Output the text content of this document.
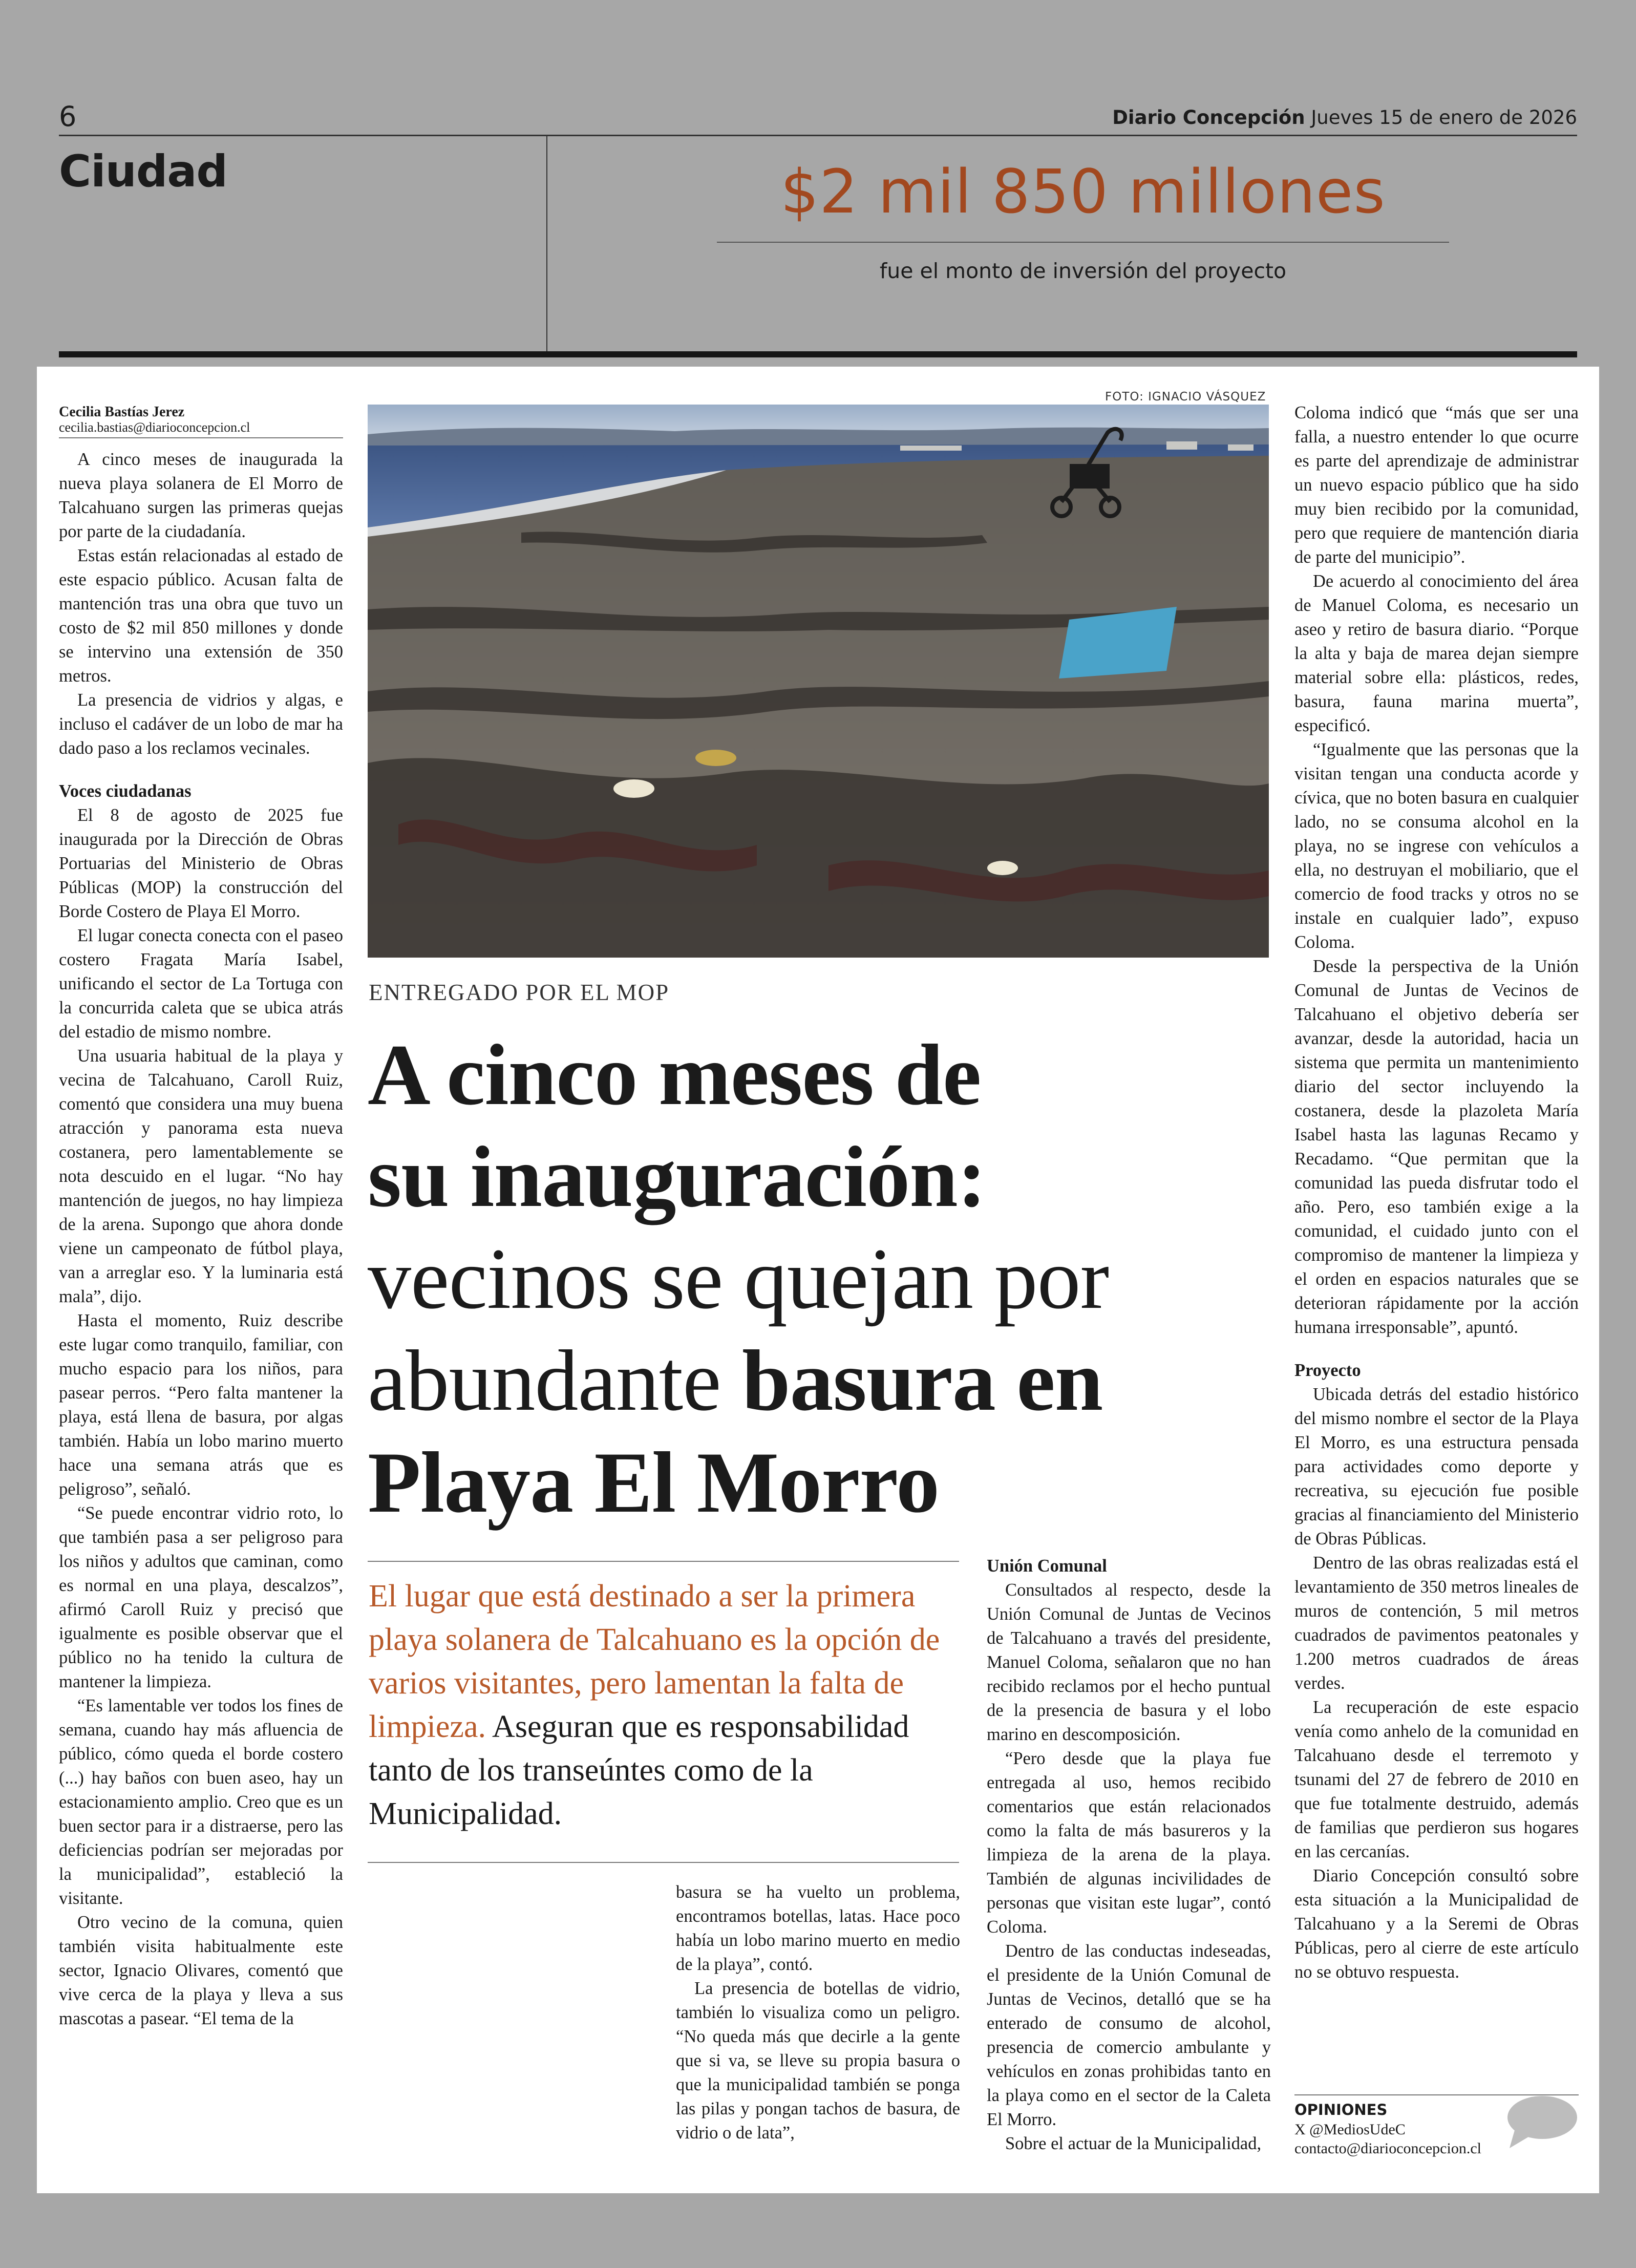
6	Diario Concepción Jueves 15 de enero de 2026
Ciudad	$2 mil 850 millones
fue el monto de inversión del proyecto
Cecilia Bastías Jerez
cecilia.bastias@diarioconcepcion.cl

A cinco meses de inaugurada la nueva playa solanera de El Morro de Talcahuano surgen las primeras quejas por parte de la ciudadanía.

Estas están relacionadas al estado de este espacio público. Acusan falta de mantención tras una obra que tuvo un costo de $2 mil 850 millones y donde se intervino una extensión de 350 metros.

La presencia de vidrios y algas, e incluso el cadáver de un lobo de mar ha dado paso a los reclamos vecinales.

Voces ciudadanas

El 8 de agosto de 2025 fue inaugurada por la Dirección de Obras Portuarias del Ministerio de Obras Públicas (MOP) la construcción del Borde Costero de Playa El Morro.

El lugar conecta conecta con el paseo costero Fragata María Isabel, unificando el sector de La Tortuga con la concurrida caleta que se ubica atrás del estadio de mismo nombre.

Una usuaria habitual de la playa y vecina de Talcahuano, Caroll Ruiz, comentó que considera una muy buena atracción y panorama esta nueva costanera, pero lamentablemente se nota descuido en el lugar. “No hay mantención de juegos, no hay limpieza de la arena. Supongo que ahora donde viene un campeonato de fútbol playa, van a arreglar eso. Y la luminaria está mala”, dijo.

Hasta el momento, Ruiz describe este lugar como tranquilo, familiar, con mucho espacio para los niños, para pasear perros. “Pero falta mantener la playa, está llena de basura, por algas también. Había un lobo marino muerto hace una semana atrás que es peligroso”, señaló.

“Se puede encontrar vidrio roto, lo que también pasa a ser peligroso para los niños y adultos que caminan, como es normal en una playa, descalzos”, afirmó Caroll Ruiz y precisó que igualmente es posible observar que el público no ha tenido la cultura de mantener la limpieza.

“Es lamentable ver todos los fines de semana, cuando hay más afluencia de público, cómo queda el borde costero (...) hay baños con buen aseo, hay un estacionamiento amplio. Creo que es un buen sector para ir a distraerse, pero las deficiencias podrían ser mejoradas por la municipalidad”, estableció la visitante.

Otro vecino de la comuna, quien también visita habitualmente este sector, Ignacio Olivares, comentó que vive cerca de la playa y lleva a sus mascotas a pasear. “El tema de la

FOTO: IGNACIO VÁSQUEZ
ENTREGADO POR EL MOP
A cinco meses de
su inauguración:
vecinos se quejan por
abundante basura en
Playa El Morro
El lugar que está destinado a ser la primera playa solanera de Talcahuano es la opción de varios visitantes, pero lamentan la falta de limpieza. Aseguran que es responsabilidad tanto de los transeúntes como de la Municipalidad.

basura se ha vuelto un problema, encontramos botellas, latas. Hace poco había un lobo marino muerto en medio de la playa”, contó.

La presencia de botellas de vidrio, también lo visualiza como un peligro. “No queda más que decirle a la gente que si va, se lleve su propia basura o que la municipalidad también se ponga las pilas y pongan tachos de basura, de vidrio o de lata”,

Unión Comunal

Consultados al respecto, desde la Unión Comunal de Juntas de Vecinos de Talcahuano a través del presidente, Manuel Coloma, señalaron que no han recibido reclamos por el hecho puntual de la presencia de basura y el lobo marino en descomposición.

“Pero desde que la playa fue entregada al uso, hemos recibido comentarios que están relacionados como la falta de más basureros y la limpieza de la arena de la playa. También de algunas incivilidades de personas que visitan este lugar”, contó Coloma.

Dentro de las conductas indeseadas, el presidente de la Unión Comunal de Juntas de Vecinos, detalló que se ha enterado de consumo de alcohol, presencia de comercio ambulante y vehículos en zonas prohibidas tanto en la playa como en el sector de la Caleta El Morro.

Sobre el actuar de la Municipalidad,

Coloma indicó que “más que ser una falla, a nuestro entender lo que ocurre es parte del aprendizaje de administrar un nuevo espacio público que ha sido muy bien recibido por la comunidad, pero que requiere de mantención diaria de parte del municipio”.

De acuerdo al conocimiento del área de Manuel Coloma, es necesario un aseo y retiro de basura diario. “Porque la alta y baja de marea dejan siempre material sobre ella: plásticos, redes, basura, fauna marina muerta”, especificó.

“Igualmente que las personas que la visitan tengan una conducta acorde y cívica, que no boten basura en cualquier lado, no se consuma alcohol en la playa, no se ingrese con vehículos a ella, no destruyan el mobiliario, que el comercio de food tracks y otros no se instale en cualquier lado”, expuso Coloma.

Desde la perspectiva de la Unión Comunal de Juntas de Vecinos de Talcahuano el objetivo debería ser avanzar, desde la autoridad, hacia un sistema que permita un mantenimiento diario del sector incluyendo la costanera, desde la plazoleta María Isabel hasta las lagunas Recamo y Recadamo. “Que permitan que la comunidad las pueda disfrutar todo el año. Pero, eso también exige a la comunidad, el cuidado junto con el compromiso de mantener la limpieza y el orden en espacios naturales que se deterioran rápidamente por la acción humana irresponsable”, apuntó.

Proyecto

Ubicada detrás del estadio histórico del mismo nombre el sector de la Playa El Morro, es una estructura pensada para actividades como deporte y recreativa, su ejecución fue posible gracias al financiamiento del Ministerio de Obras Públicas.

Dentro de las obras realizadas está el levantamiento de 350 metros lineales de muros de contención, 5 mil metros cuadrados de pavimentos peatonales y 1.200 metros cuadrados de áreas verdes.

La recuperación de este espacio venía como anhelo de la comunidad en Talcahuano desde el terremoto y tsunami del 27 de febrero de 2010 en que fue totalmente destruido, además de familias que perdieron sus hogares en las cercanías.

Diario Concepción consultó sobre esta situación a la Municipalidad de Talcahuano y a la Seremi de Obras Públicas, pero al cierre de este artículo no se obtuvo respuesta.

OPINIONES
X @MediosUdeC
contacto@diarioconcepcion.cl
